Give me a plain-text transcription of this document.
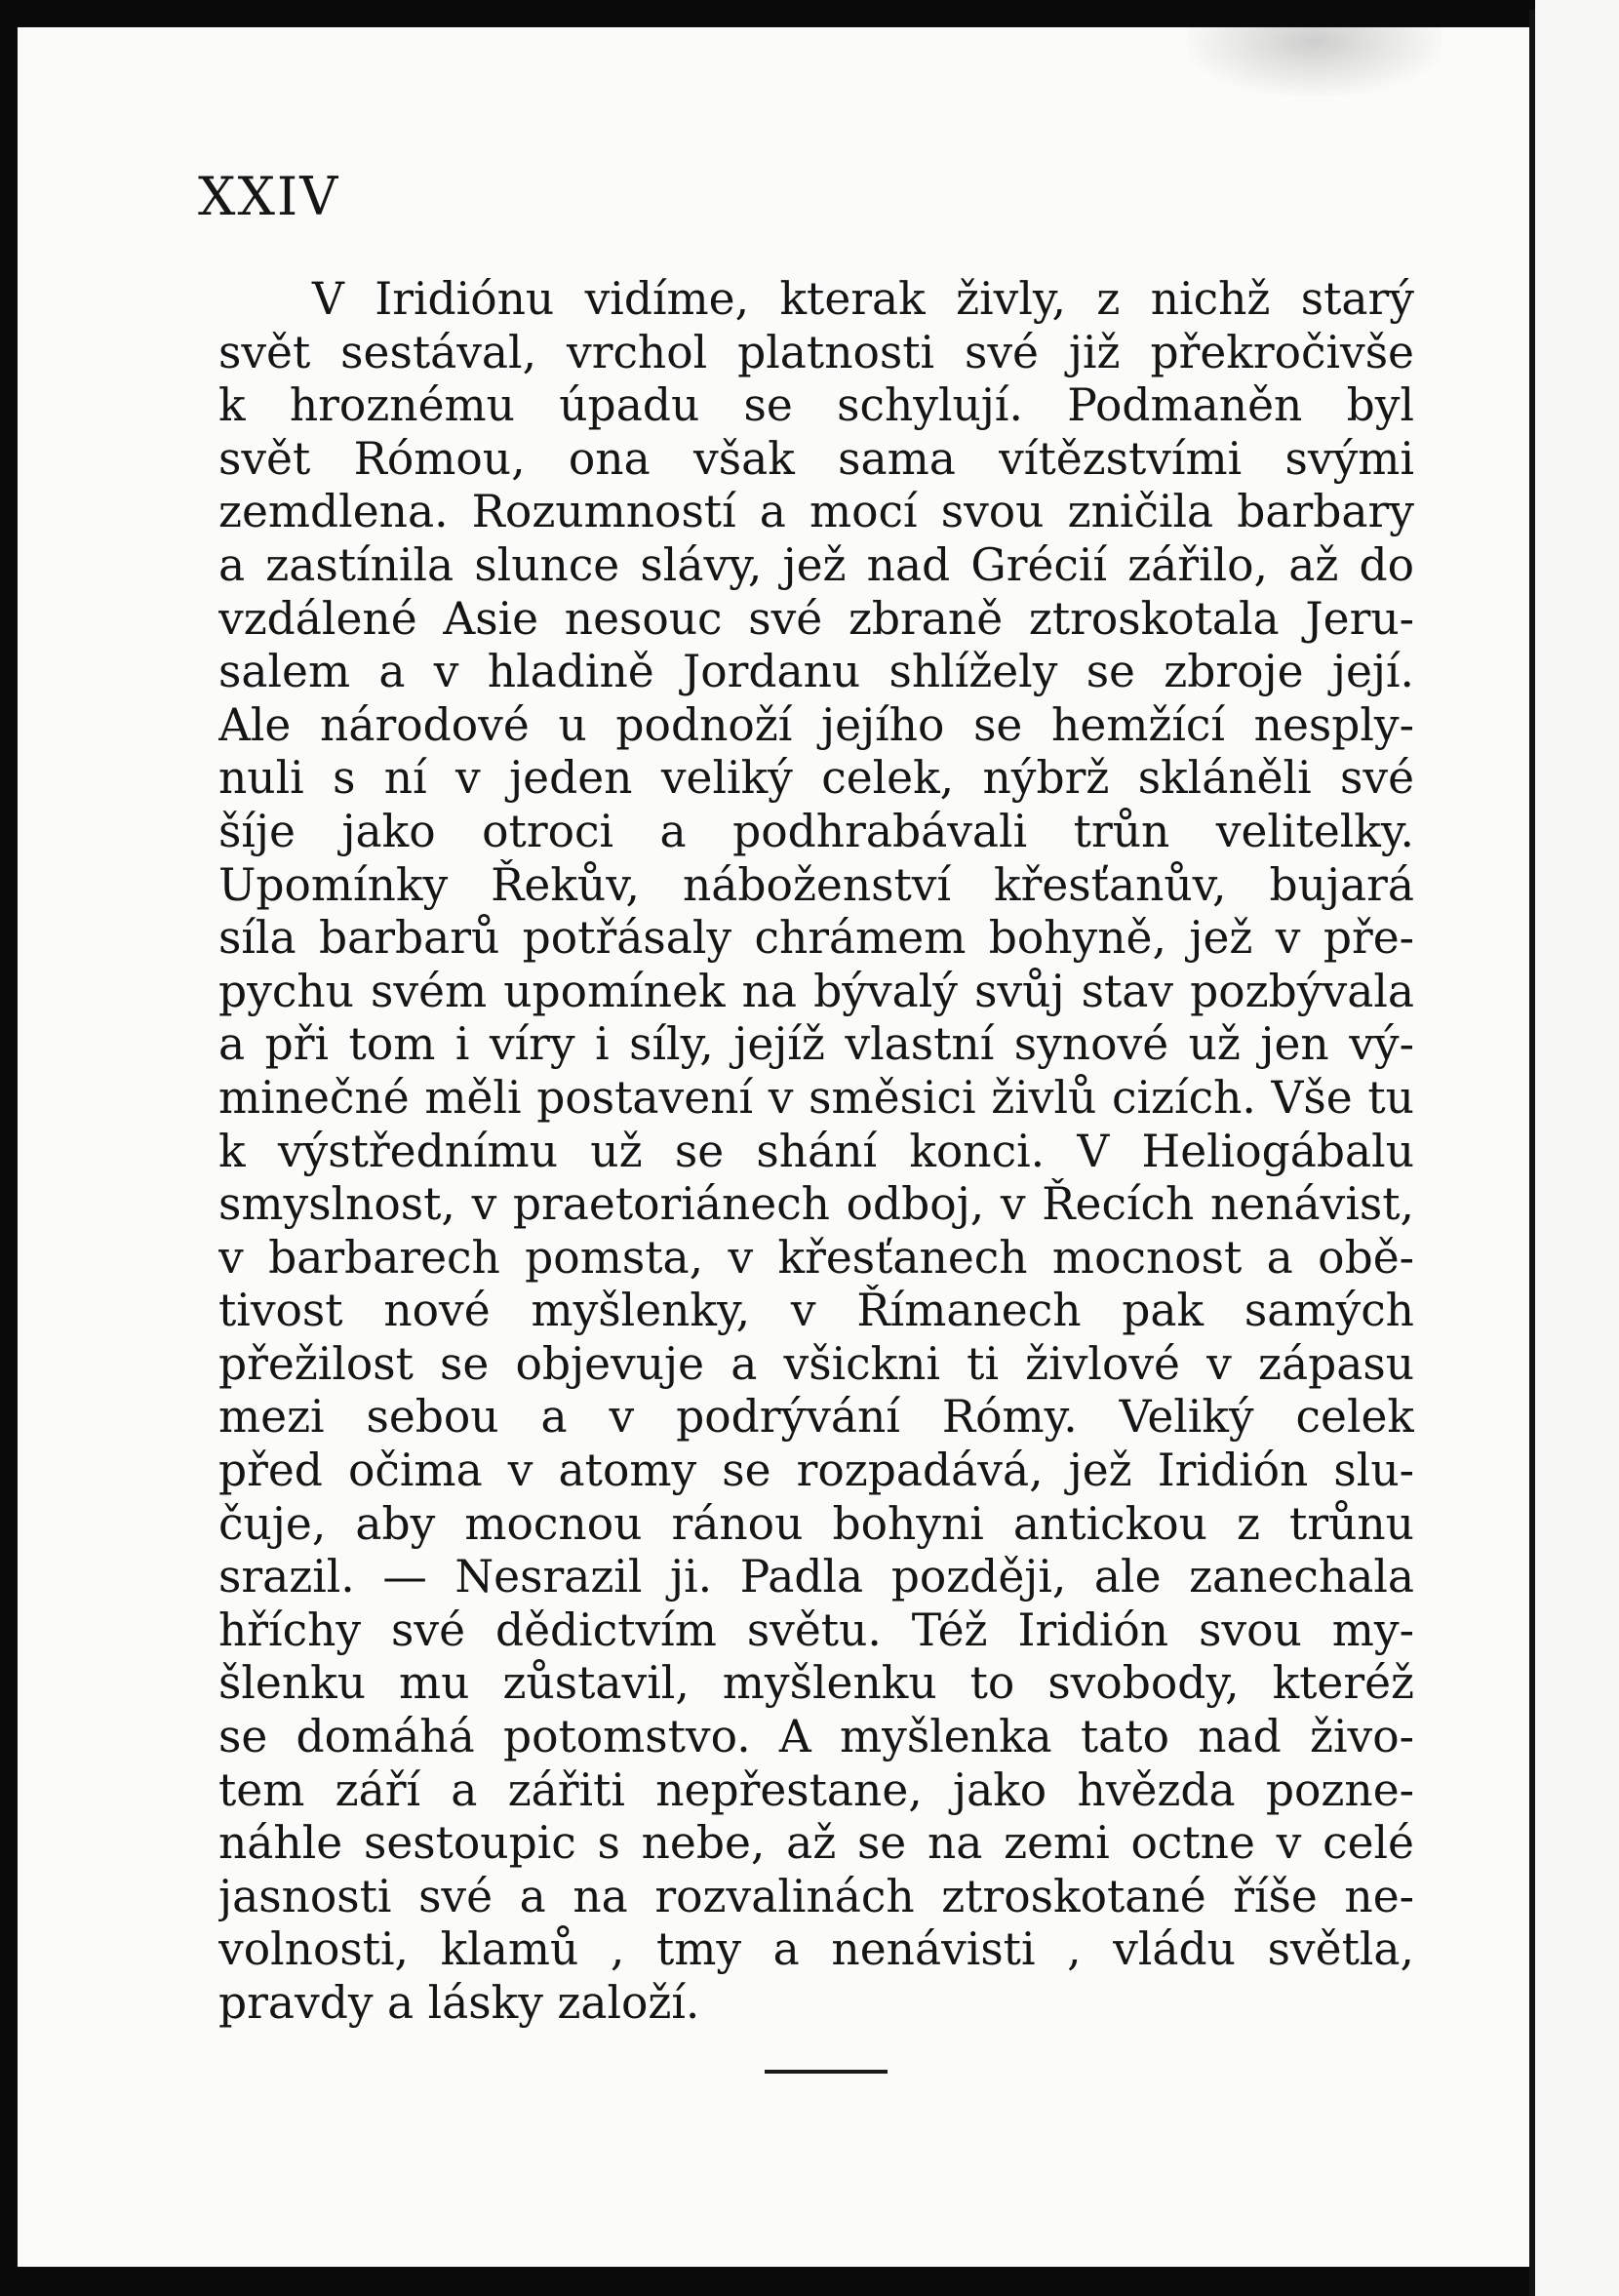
XXIV
V Iridiónu vidíme, kterak živly, z nichž starý
svět sestával, vrchol platnosti své již překročivše
k hroznému úpadu se schylují. Podmaněn byl
svět Rómou, ona však sama vítězstvími svými
zemdlena. Rozumností a mocí svou zničila barbary
a zastínila slunce slávy, jež nad Grécií zářilo, až do
vzdálené Asie nesouc své zbraně ztroskotala Jeru-
salem a v hladině Jordanu shlížely se zbroje její.
Ale národové u podnoží jejího se hemžící nesply-
nuli s ní v jeden veliký celek, nýbrž skláněli své
šíje jako otroci a podhrabávali trůn velitelky.
Upomínky Řekův, náboženství křesťanův, bujará
síla barbarů potřásaly chrámem bohyně, jež v pře-
pychu svém upomínek na bývalý svůj stav pozbývala
a při tom i víry i síly, jejíž vlastní synové už jen vý-
minečné měli postavení v směsici živlů cizích. Vše tu
k výstřednímu už se shání konci. V Heliogábalu
smyslnost, v praetoriánech odboj, v Řecích nenávist,
v barbarech pomsta, v křesťanech mocnost a obě-
tivost nové myšlenky, v Římanech pak samých
přežilost se objevuje a všickni ti živlové v zápasu
mezi sebou a v podrývání Rómy. Veliký celek
před očima v atomy se rozpadává, jež Iridión slu-
čuje, aby mocnou ránou bohyni antickou z trůnu
srazil. — Nesrazil ji. Padla později, ale zanechala
hříchy své dědictvím světu. Též Iridión svou my-
šlenku mu zůstavil, myšlenku to svobody, kteréž
se domáhá potomstvo. A myšlenka tato nad živo-
tem září a zářiti nepřestane, jako hvězda pozne-
náhle sestoupic s nebe, až se na zemi octne v celé
jasnosti své a na rozvalinách ztroskotané říše ne-
volnosti, klamů , tmy a nenávisti , vládu světla,
pravdy a lásky založí.
